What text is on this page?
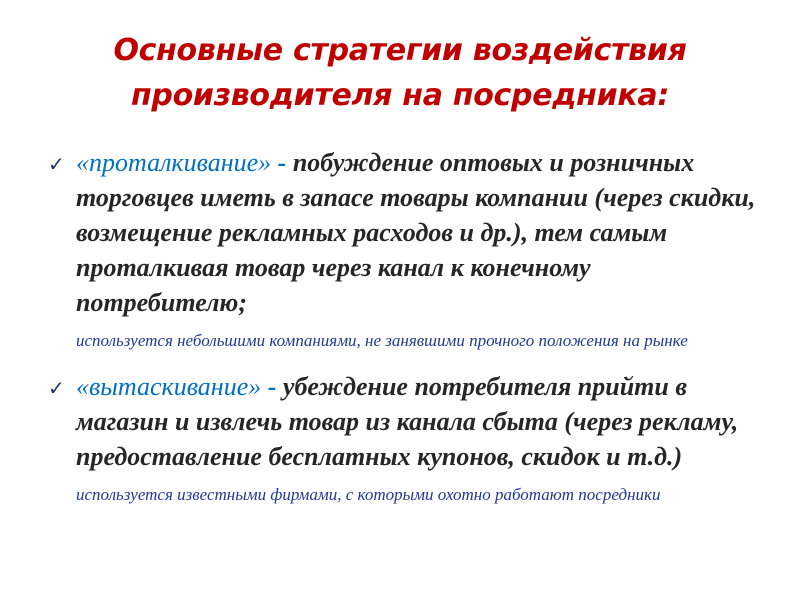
Основные стратегии воздействия
производителя на посредника:
✓ «проталкивание» - побуждение оптовых и розничных торговцев иметь в запасе товары компании (через скидки, возмещение рекламных расходов и др.), тем самым проталкивая товар через канал к конечному потребителю;
используется небольшими компаниями, не занявшими прочного положения на рынке
✓ «вытаскивание» - убеждение потребителя прийти в магазин и извлечь товар из канала сбыта (через рекламу, предоставление бесплатных купонов, скидок и т.д.) используется известными фирмами, с которыми охотно работают посредники
